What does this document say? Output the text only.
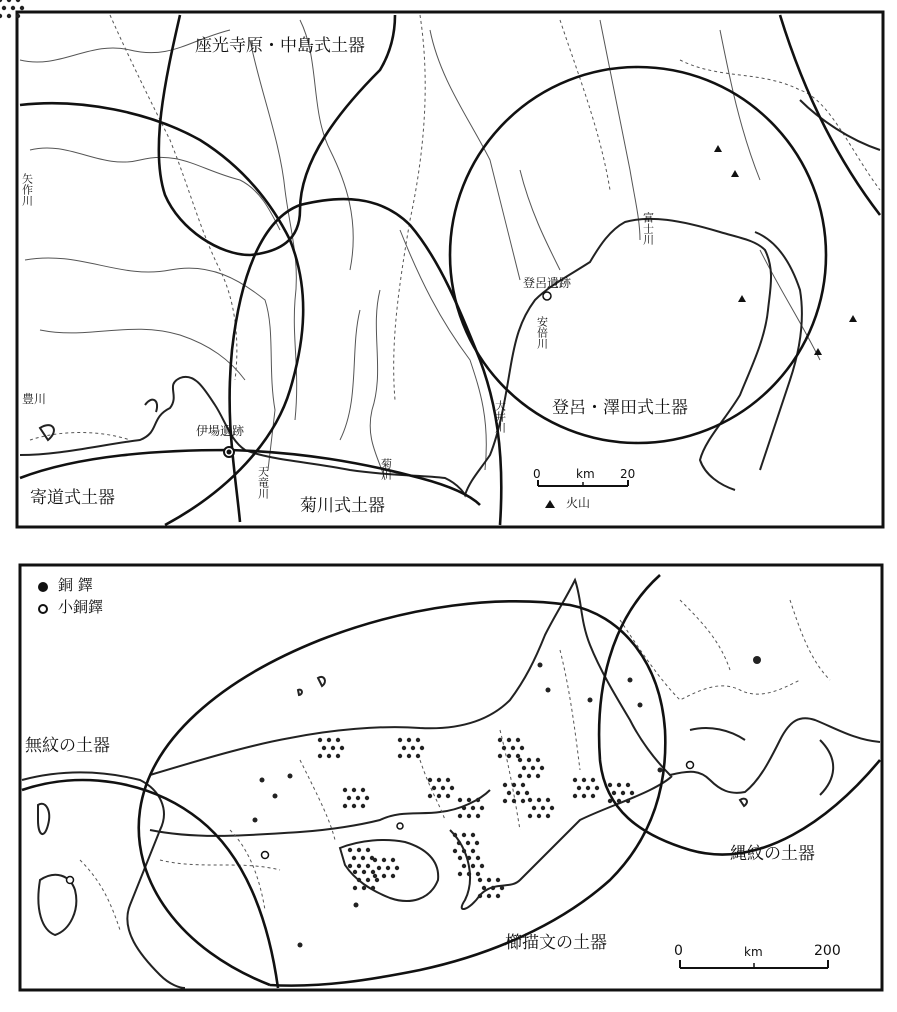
座光寺原・中島式土器
寄道式土器	菊川式土器
登呂・澤田式土器
登呂遺跡
伊場遺跡
天竜川	菊川
大井川
安倍川
富士川
豊川
矢作川
0	km 20
火山
銅 鐸
小銅鐸
無紋の土器
縄紋の土器
櫛描文の土器	0	km	200
